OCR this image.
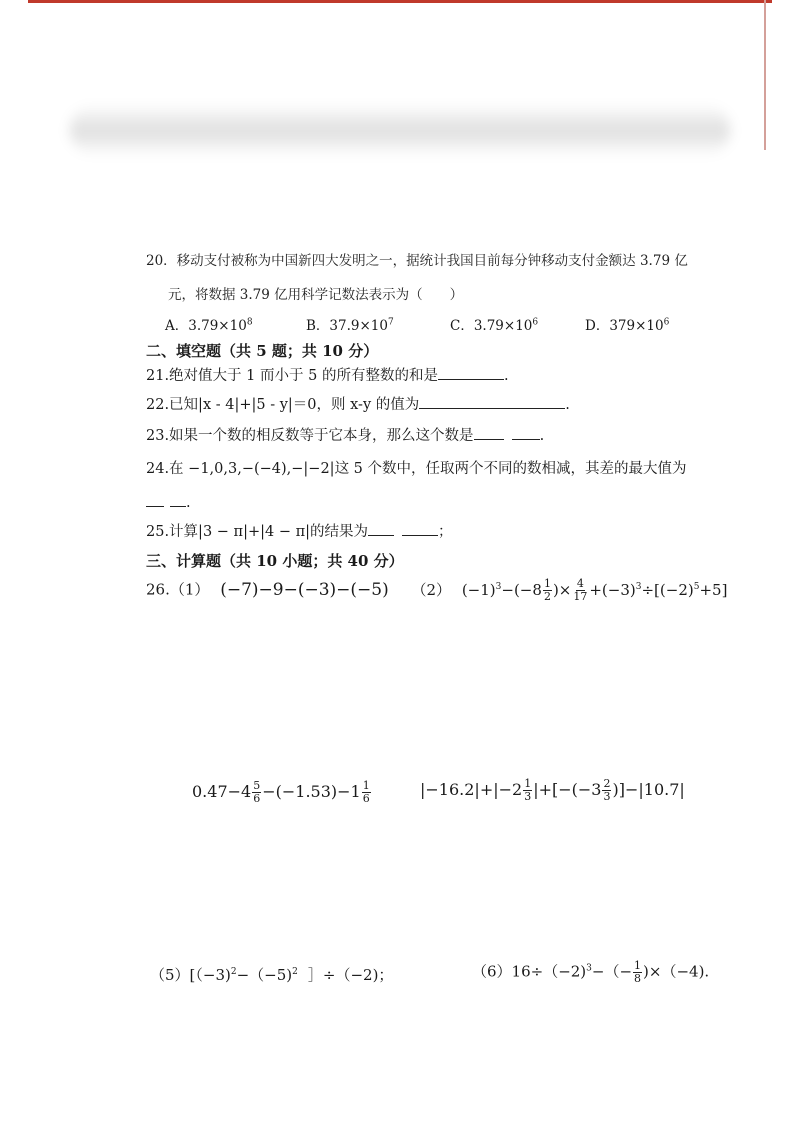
20．移动支付被称为中国新四大发明之一，据统计我国目前每分钟移动支付金额达 3.79 亿
元，将数据 3.79 亿用科学记数法表示为（　　）
A．$3.79\times 10^8$	B．$37.9\times 10^7$	C．$3.79\times 10^6$	D．$379\times 10^6$
二、填空题（共 5 题；共 10 分）
21.绝对值大于 1 而小于 5 的所有整数的和是	.
22.已知|x - 4|+|5 - y|＝0，则 x-y 的值为	.
23.如果一个数的相反数等于它本身，那么这个数是	.
24.在 −1,0,3,−(−4),−|−2|这 5 个数中，任取两个不同的数相减，其差的最大值为
.
25.计算|3 − π|+|4 − π|的结果为	；
三、计算题（共 10 小题；共 40 分）
26.（1） (−7)−9−(−3)−(−5) （2） $(-1)^3-(-8 \frac{1}{2}$ )× $\frac{4}{17} +(-3)^3\div[(-2)^5+5]$
$0.47-4 \frac{5}{6} -(-1.53)-1 \frac{1}{6}$	$|-16.2|+|-2 \frac{1}{3} |+[-(-3 \frac{2}{3} )]-|10.7|$
（5）[（−3)$^2$−（−5)$^2$ ］÷（−2)；	$(6)16\div(-2)^3-(- \frac{1}{8} )\times(-4)$.
